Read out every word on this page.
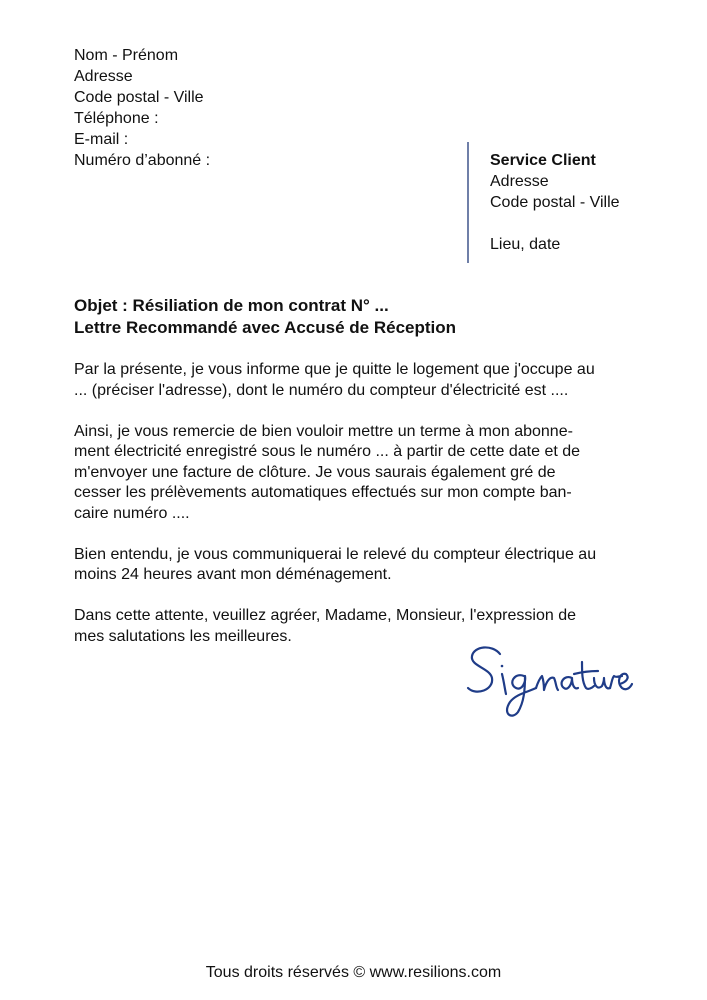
Nom - Prénom
Adresse
Code postal - Ville
Téléphone :
E-mail :
Numéro d’abonné :	Service Client
Adresse
Code postal - Ville
Lieu, date
Objet : Résiliation de mon contrat N° ...
Lettre Recommandé avec Accusé de Réception

Par la présente, je vous informe que je quitte le logement que j'occupe au
... (préciser l'adresse), dont le numéro du compteur d'électricité est ....

Ainsi, je vous remercie de bien vouloir mettre un terme à mon abonne-
ment électricité enregistré sous le numéro ... à partir de cette date et de
m'envoyer une facture de clôture. Je vous saurais également gré de
cesser les prélèvements automatiques effectués sur mon compte ban-
caire numéro ....

Bien entendu, je vous communiquerai le relevé du compteur électrique au
moins 24 heures avant mon déménagement.

Dans cette attente, veuillez agréer, Madame, Monsieur, l'expression de
mes salutations les meilleures.

Tous droits réservés © www.resilions.com
